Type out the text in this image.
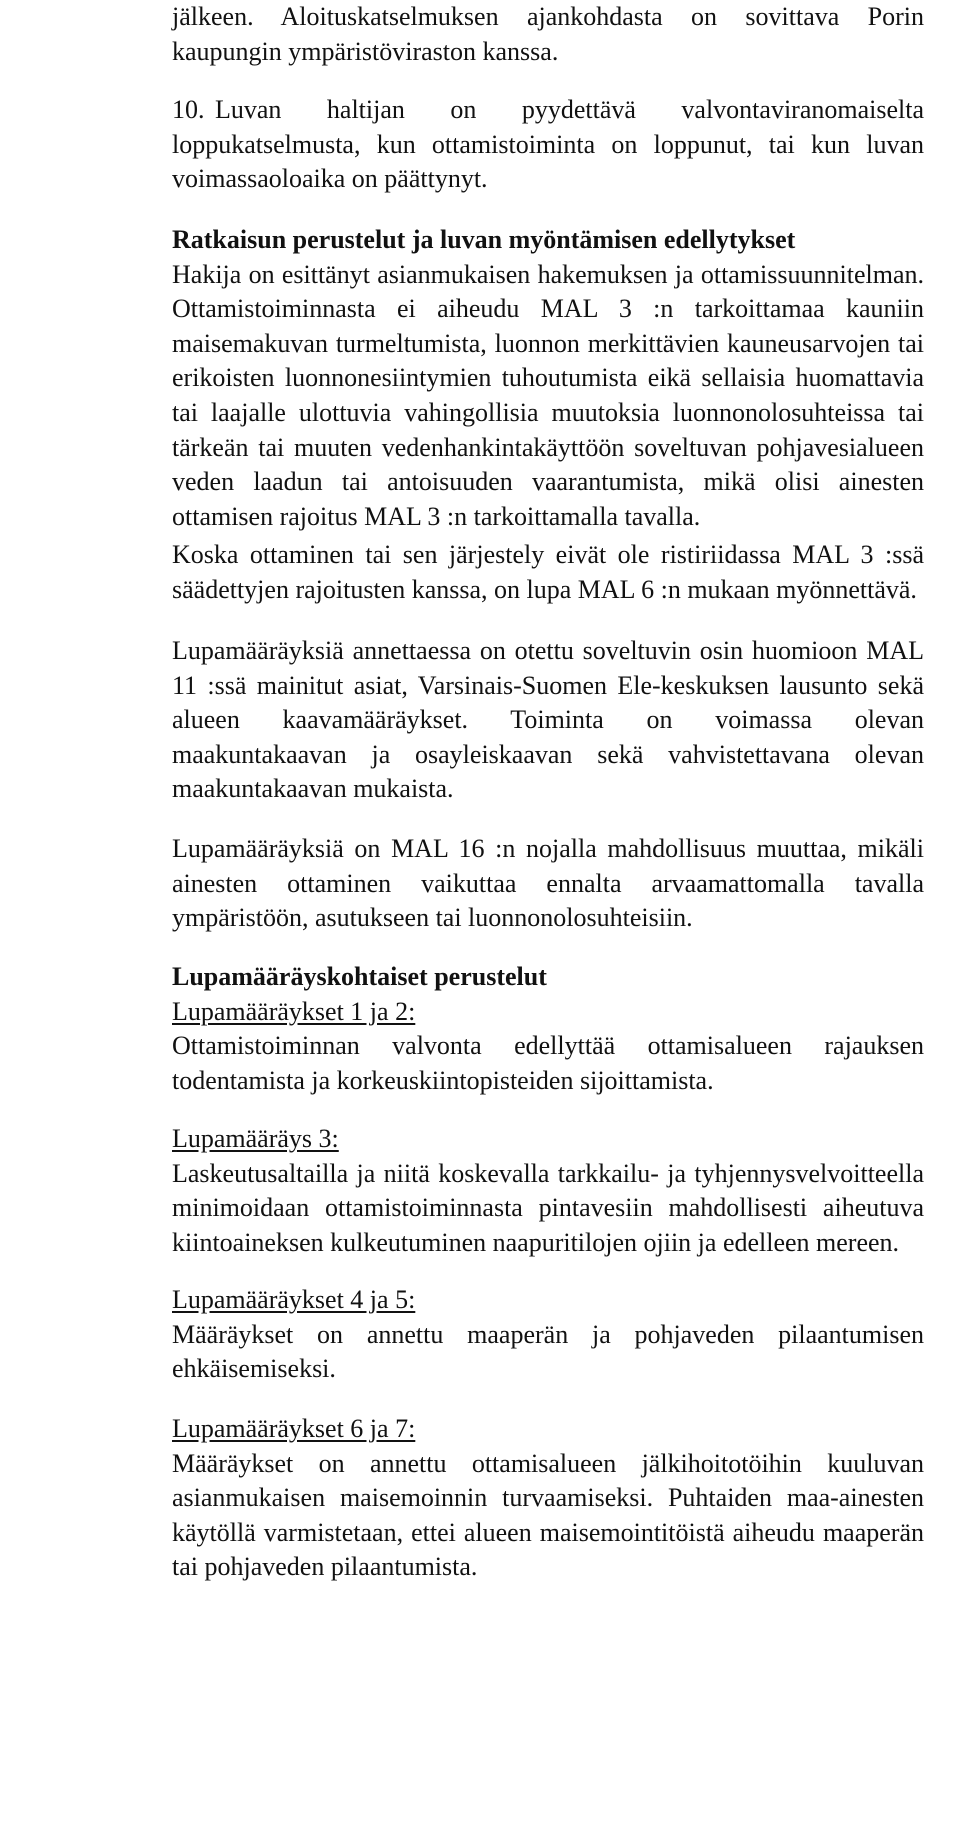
jälkeen. Aloituskatselmuksen ajankohdasta on sovittava Porin kaupungin ympäristöviraston kanssa.

10. Luvan haltijan on pyydettävä valvontaviranomaiselta loppukatselmusta, kun ottamistoiminta on loppunut, tai kun luvan voimassaoloaika on päättynyt.

Ratkaisun perustelut ja luvan myöntämisen edellytykset

Hakija on esittänyt asianmukaisen hakemuksen ja ottamissuunnitelman. Ottamistoiminnasta ei aiheudu MAL 3 :n tarkoittamaa kauniin maisemakuvan turmeltumista, luonnon merkittävien kauneusarvojen tai erikoisten luonnonesiintymien tuhoutumista eikä sellaisia huomattavia tai laajalle ulottuvia vahingollisia muutoksia luonnonolosuhteissa tai tärkeän tai muuten vedenhankintakäyttöön soveltuvan pohjavesialueen veden laadun tai antoisuuden vaarantumista, mikä olisi ainesten ottamisen rajoitus MAL 3 :n tarkoittamalla tavalla.

Koska ottaminen tai sen järjestely eivät ole ristiriidassa MAL 3 :ssä säädettyjen rajoitusten kanssa, on lupa MAL 6 :n mukaan myönnettävä.

Lupamääräyksiä annettaessa on otettu soveltuvin osin huomioon MAL 11 :ssä mainitut asiat, Varsinais-Suomen Ele-keskuksen lausunto sekä alueen kaavamääräykset. Toiminta on voimassa olevan maakuntakaavan ja osayleiskaavan sekä vahvistettavana olevan maakuntakaavan mukaista.

Lupamääräyksiä on MAL 16 :n nojalla mahdollisuus muuttaa, mikäli ainesten ottaminen vaikuttaa ennalta arvaamattomalla tavalla ympäristöön, asutukseen tai luonnonolosuhteisiin.

Lupamääräyskohtaiset perustelut

Lupamääräykset 1 ja 2:

Ottamistoiminnan valvonta edellyttää ottamisalueen rajauksen todentamista ja korkeuskiintopisteiden sijoittamista.

Lupamääräys 3:

Laskeutusaltailla ja niitä koskevalla tarkkailu- ja tyhjennysvelvoitteella minimoidaan ottamistoiminnasta pintavesiin mahdollisesti aiheutuva kiintoaineksen kulkeutuminen naapuritilojen ojiin ja edelleen mereen.

Lupamääräykset 4 ja 5:

Määräykset on annettu maaperän ja pohjaveden pilaantumisen ehkäisemiseksi.

Lupamääräykset 6 ja 7:

Määräykset on annettu ottamisalueen jälkihoitotöihin kuuluvan asianmukaisen maisemoinnin turvaamiseksi. Puhtaiden maa-ainesten käytöllä varmistetaan, ettei alueen maisemointitöistä aiheudu maaperän tai pohjaveden pilaantumista.
